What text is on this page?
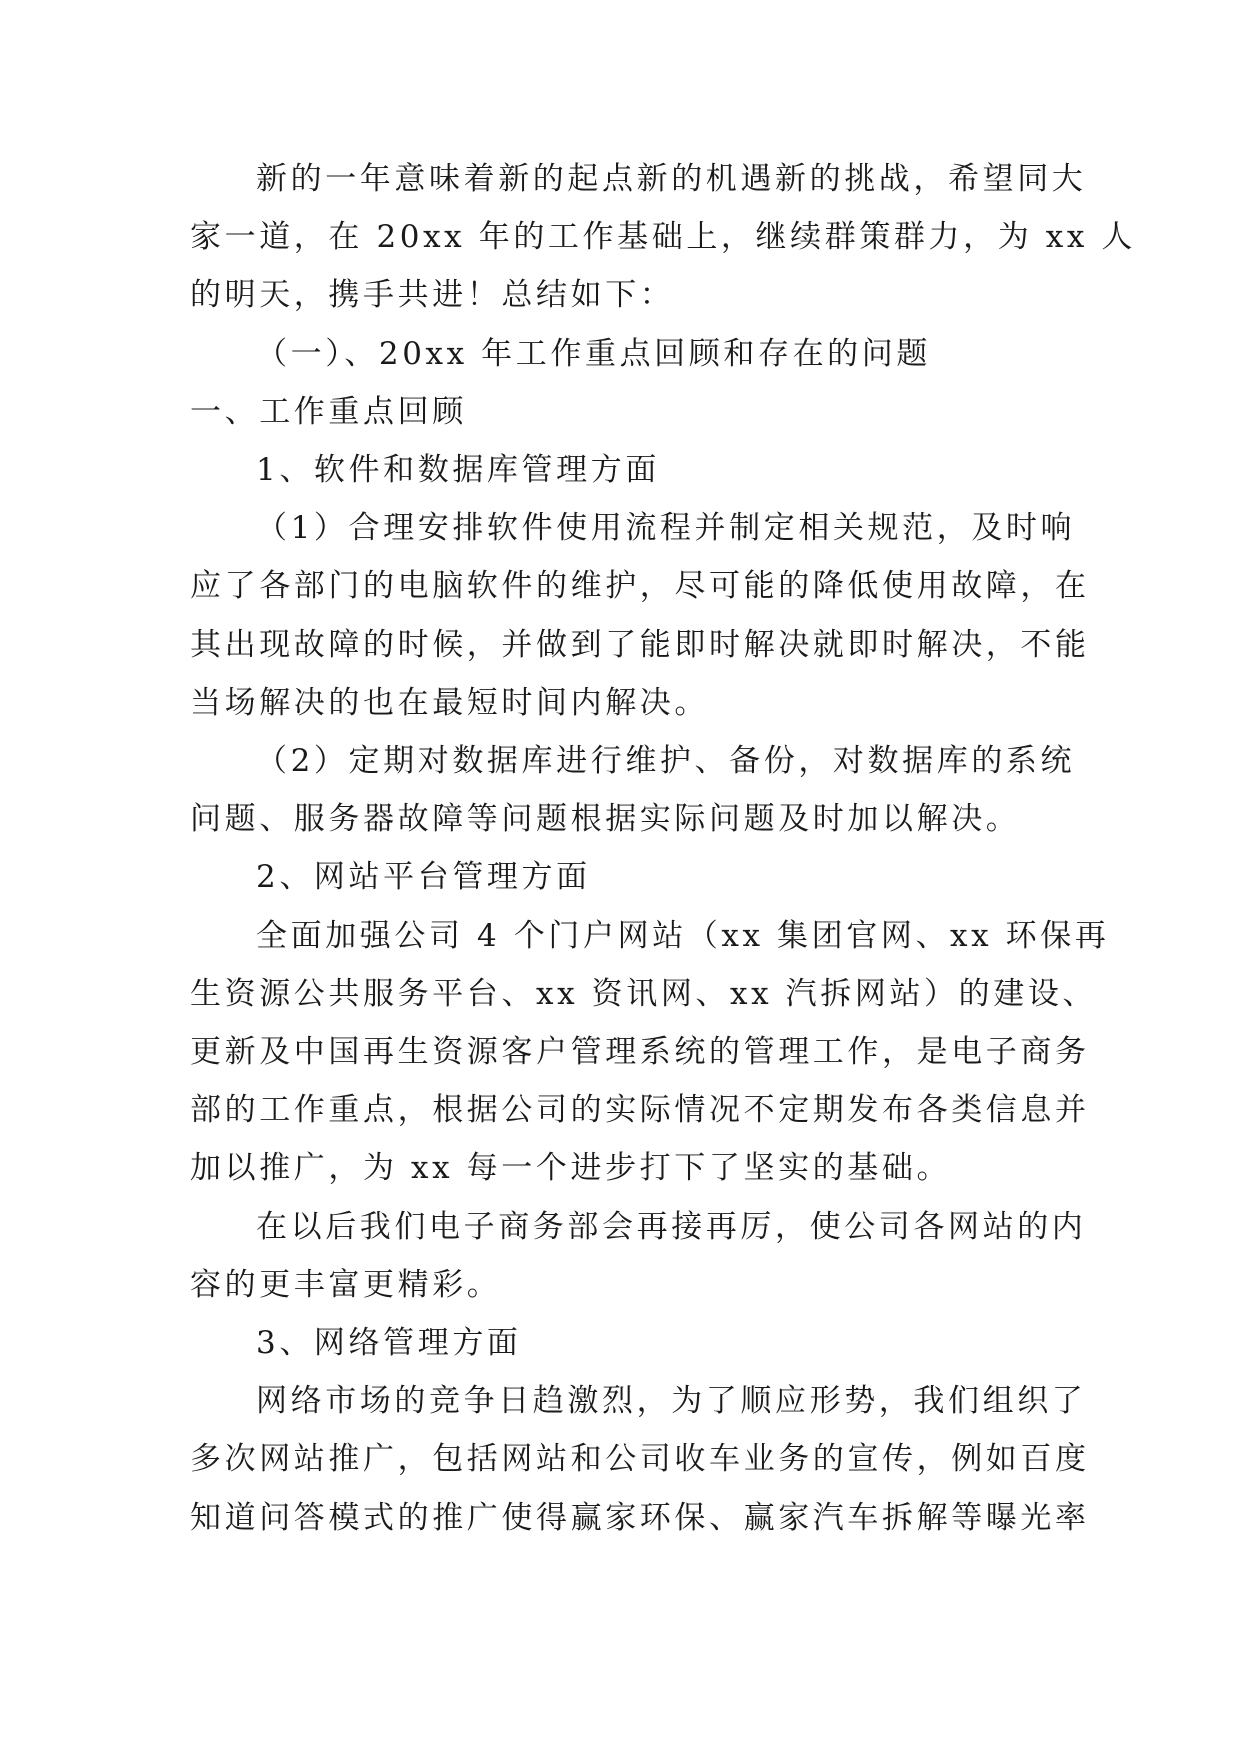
新的一年意味着新的起点新的机遇新的挑战，希望同大
家一道，在 20xx 年的工作基础上，继续群策群力，为 xx 人
的明天，携手共进！总结如下：
（一）、20xx 年工作重点回顾和存在的问题
一、工作重点回顾
1、软件和数据库管理方面
（1）合理安排软件使用流程并制定相关规范，及时响
应了各部门的电脑软件的维护，尽可能的降低使用故障，在
其出现故障的时候，并做到了能即时解决就即时解决，不能
当场解决的也在最短时间内解决。
（2）定期对数据库进行维护、备份，对数据库的系统
问题、服务器故障等问题根据实际问题及时加以解决。
2、网站平台管理方面
全面加强公司 4 个门户网站（xx 集团官网、xx 环保再
生资源公共服务平台、xx 资讯网、xx 汽拆网站）的建设、
更新及中国再生资源客户管理系统的管理工作，是电子商务
部的工作重点，根据公司的实际情况不定期发布各类信息并
加以推广，为 xx 每一个进步打下了坚实的基础。
在以后我们电子商务部会再接再厉，使公司各网站的内
容的更丰富更精彩。
3、网络管理方面
网络市场的竞争日趋激烈，为了顺应形势，我们组织了
多次网站推广，包括网站和公司收车业务的宣传，例如百度
知道问答模式的推广使得赢家环保、赢家汽车拆解等曝光率
